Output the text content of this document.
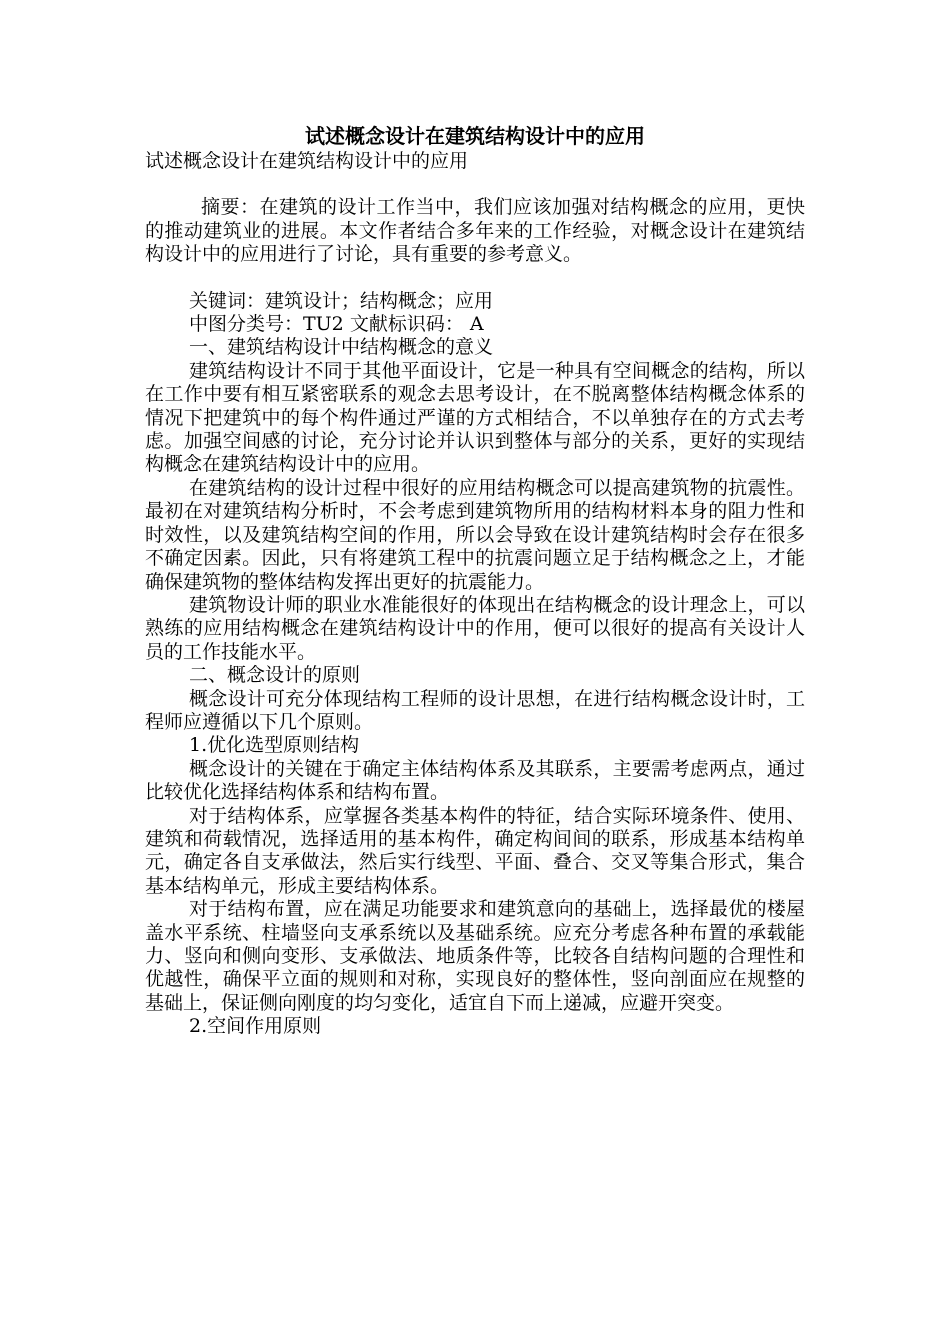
试述概念设计在建筑结构设计中的应用

试述概念设计在建筑结构设计中的应用

摘要：在建筑的设计工作当中，我们应该加强对结构概念的应用，更快的推动建筑业的进展。本文作者结合多年来的工作经验，对概念设计在建筑结构设计中的应用进行了讨论，具有重要的参考意义。

关键词：建筑设计；结构概念；应用

中图分类号：TU2 文献标识码： A

一、建筑结构设计中结构概念的意义

建筑结构设计不同于其他平面设计，它是一种具有空间概念的结构，所以在工作中要有相互紧密联系的观念去思考设计，在不脱离整体结构概念体系的情况下把建筑中的每个构件通过严谨的方式相结合，不以单独存在的方式去考虑。加强空间感的讨论，充分讨论并认识到整体与部分的关系，更好的实现结构概念在建筑结构设计中的应用。

在建筑结构的设计过程中很好的应用结构概念可以提高建筑物的抗震性。最初在对建筑结构分析时，不会考虑到建筑物所用的结构材料本身的阻力性和时效性，以及建筑结构空间的作用，所以会导致在设计建筑结构时会存在很多不确定因素。因此，只有将建筑工程中的抗震问题立足于结构概念之上，才能确保建筑物的整体结构发挥出更好的抗震能力。

建筑物设计师的职业水准能很好的体现出在结构概念的设计理念上，可以熟练的应用结构概念在建筑结构设计中的作用，便可以很好的提高有关设计人员的工作技能水平。

二、概念设计的原则

概念设计可充分体现结构工程师的设计思想，在进行结构概念设计时，工程师应遵循以下几个原则。

1.优化选型原则结构

概念设计的关键在于确定主体结构体系及其联系，主要需考虑两点，通过比较优化选择结构体系和结构布置。

对于结构体系，应掌握各类基本构件的特征，结合实际环境条件、使用、建筑和荷载情况，选择适用的基本构件，确定构间间的联系，形成基本结构单元，确定各自支承做法，然后实行线型、平面、叠合、交叉等集合形式，集合基本结构单元，形成主要结构体系。

对于结构布置，应在满足功能要求和建筑意向的基础上，选择最优的楼屋盖水平系统、柱墙竖向支承系统以及基础系统。应充分考虑各种布置的承载能力、竖向和侧向变形、支承做法、地质条件等，比较各自结构问题的合理性和优越性，确保平立面的规则和对称，实现良好的整体性，竖向剖面应在规整的基础上，保证侧向刚度的均匀变化，适宜自下而上递减，应避开突变。

2.空间作用原则
